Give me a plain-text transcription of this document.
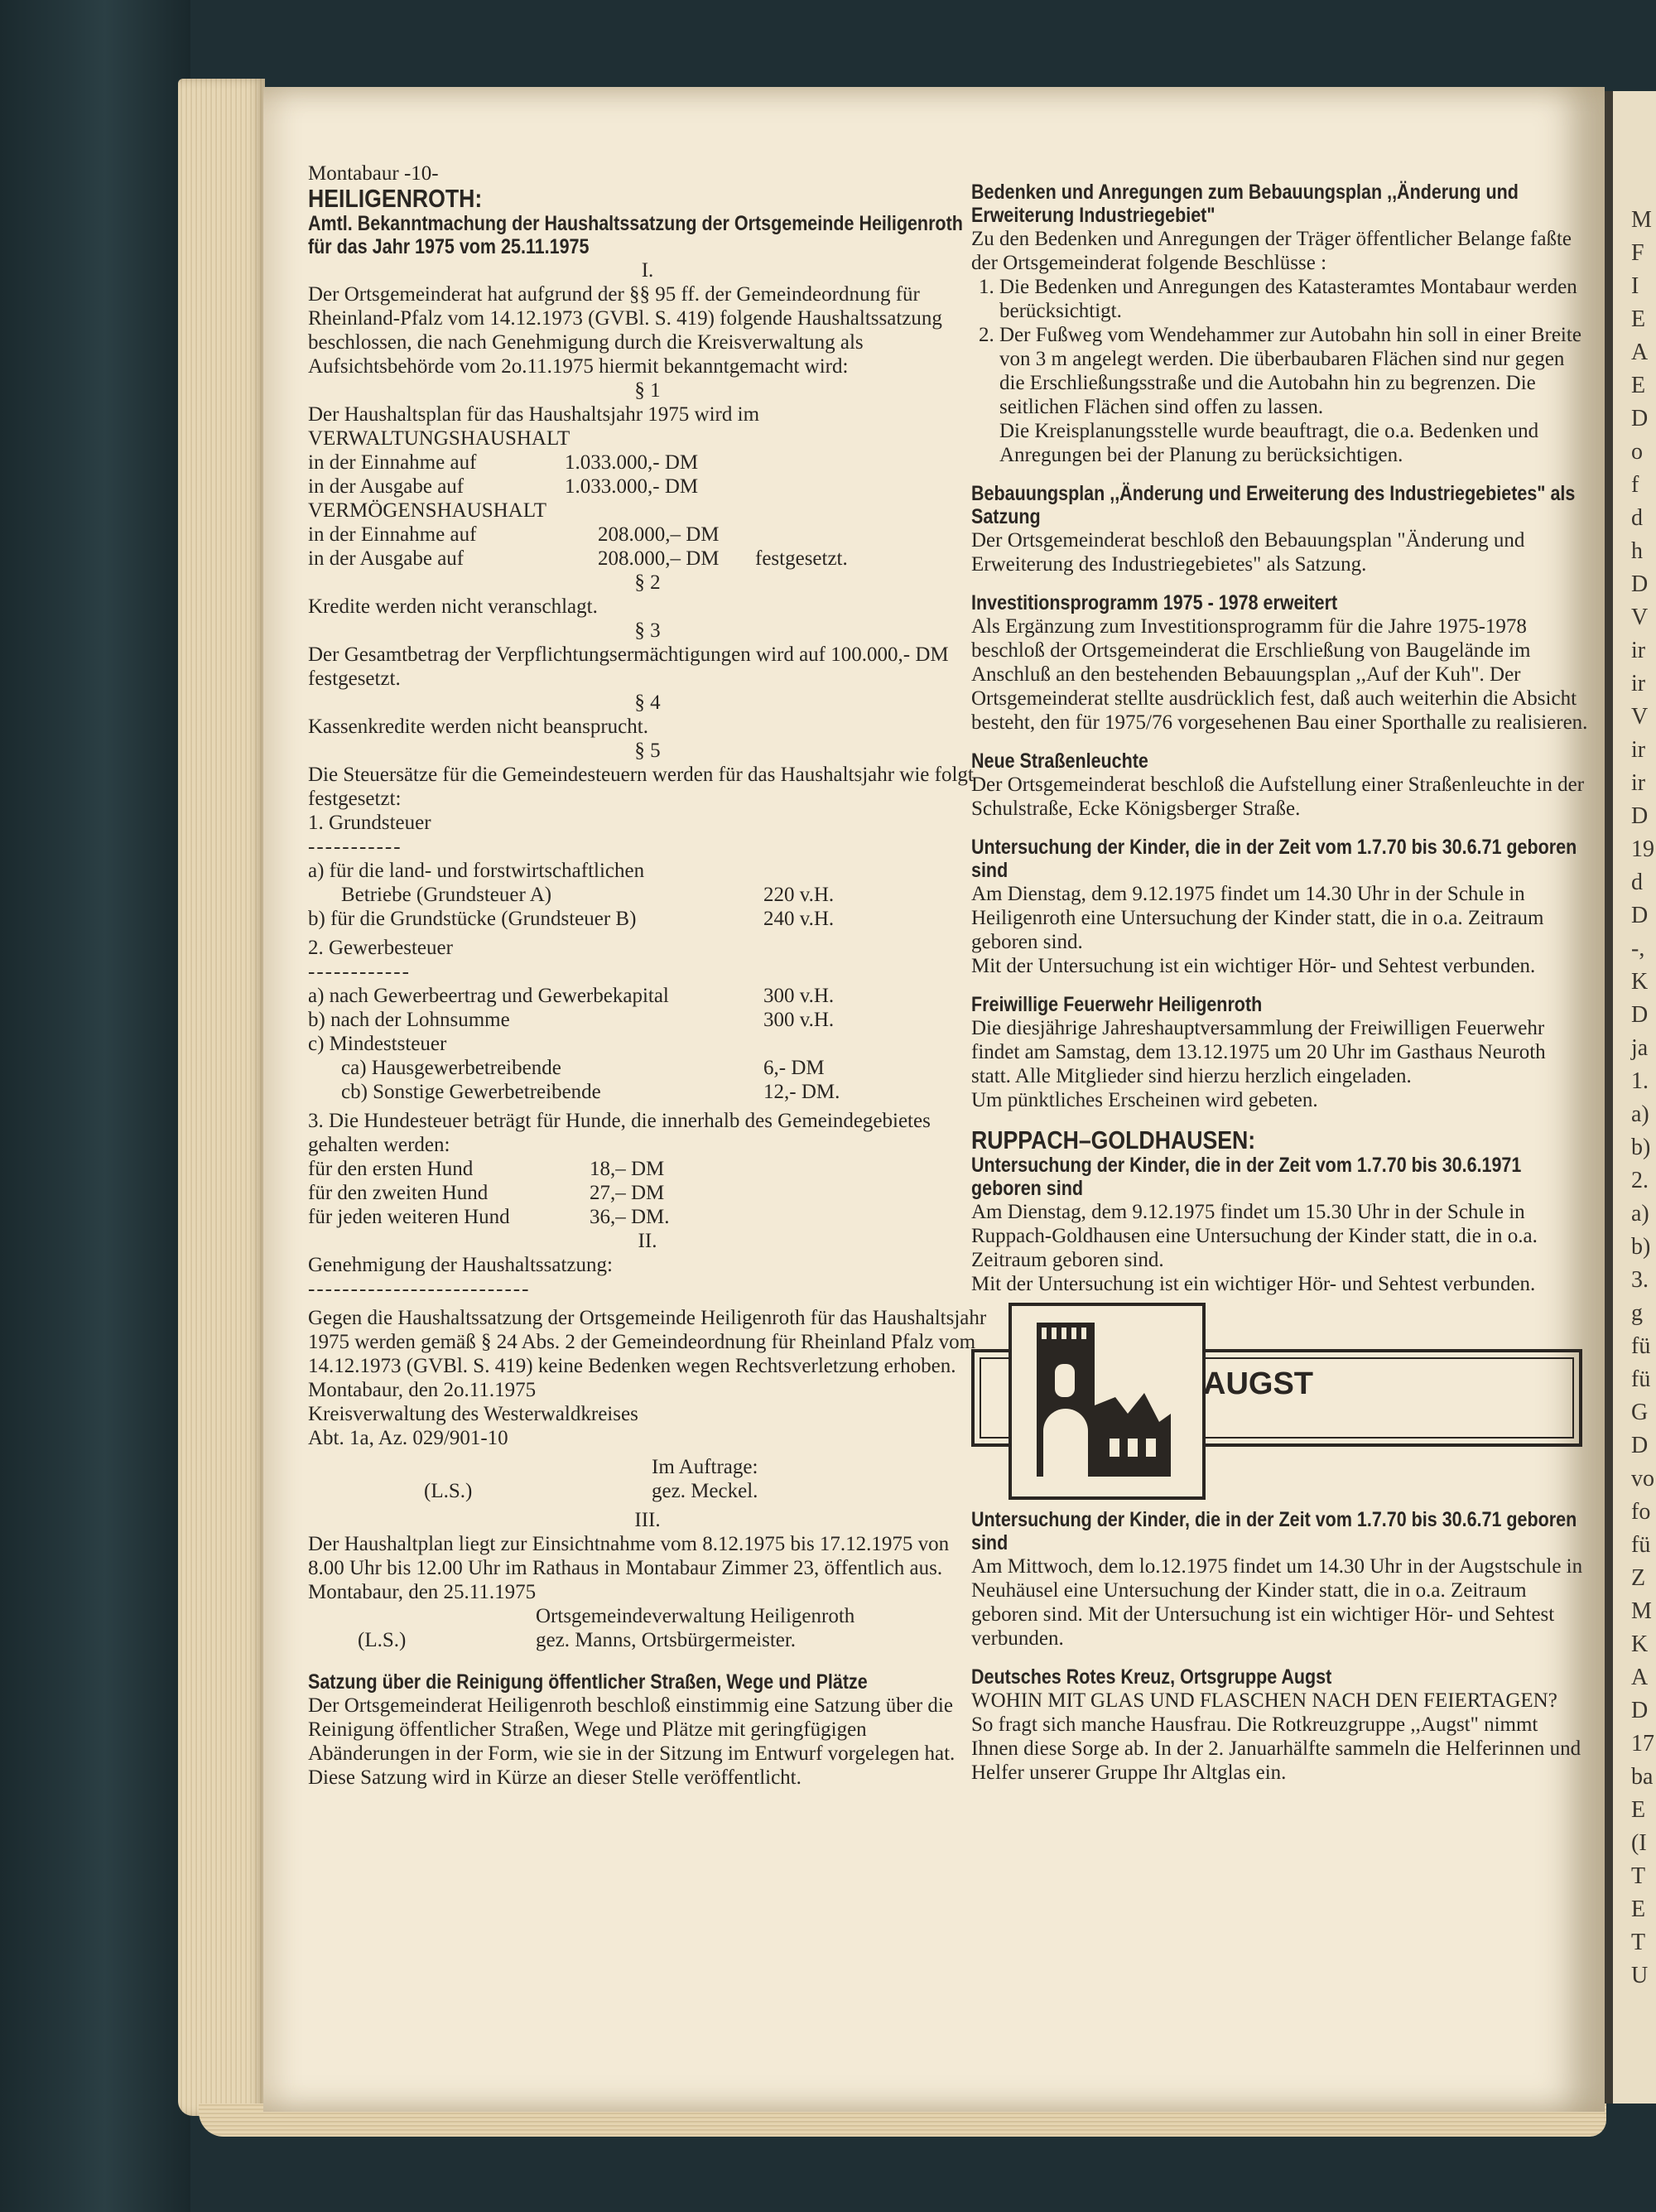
M
F
I
E
A
E
D
o
f
d
h
D
V
ir
ir
V
ir
ir
D
19
d
D
-,
K
D
ja
1.
a)
b)
2.
a)
b)
3.
g
fü
fü
G
D
vo
fo
fü
Z
M
K
A
D
17
ba
E
(I
T
E
T
U
Montabaur -10-
HEILIGENROTH:
Amtl. Bekanntmachung der Haushaltssatzung der Ortsgemeinde Heiligenroth für das Jahr 1975 vom 25.11.1975
I.
Der Ortsgemeinderat hat aufgrund der §§ 95 ff. der Gemeindeordnung für Rheinland-Pfalz vom 14.12.1973 (GVBl. S. 419) folgende Haushaltssatzung beschlossen, die nach Genehmigung durch die Kreisverwaltung als Aufsichtsbehörde vom 2o.11.1975 hiermit bekanntgemacht wird:
§ 1
Der Haushaltsplan für das Haushaltsjahr 1975 wird im
VERWALTUNGSHAUSHALT
in der Einnahme auf	1.033.000,- DM
in der Ausgabe auf	1.033.000,- DM
VERMÖGENSHAUSHALT
in der Einnahme auf	208.000,– DM
in der Ausgabe auf	208.000,– DM	festgesetzt.
§ 2
Kredite werden nicht veranschlagt.
§ 3
Der Gesamtbetrag der Verpflichtungsermächtigungen wird auf 100.000,- DM festgesetzt.
§ 4
Kassenkredite werden nicht beansprucht.
§ 5
Die Steuersätze für die Gemeindesteuern werden für das Haushaltsjahr wie folgt festgesetzt:
1. Grundsteuer
-----------
a) für die land- und forstwirtschaftlichen
Betriebe (Grundsteuer A)	220 v.H.
b) für die Grundstücke (Grundsteuer B)	240 v.H.
2. Gewerbesteuer
------------
a) nach Gewerbeertrag und Gewerbekapital	300 v.H.
b) nach der Lohnsumme	300 v.H.
c) Mindeststeuer
ca) Hausgewerbetreibende	6,- DM
cb) Sonstige Gewerbetreibende	12,- DM.
3. Die Hundesteuer beträgt für Hunde, die innerhalb des Gemeindegebietes gehalten werden:
für den ersten Hund	18,– DM
für den zweiten Hund	27,– DM
für jeden weiteren Hund	36,– DM.
II.
Genehmigung der Haushaltssatzung:
--------------------------
Gegen die Haushaltssatzung der Ortsgemeinde Heiligenroth für das Haushaltsjahr 1975 werden gemäß § 24 Abs. 2 der Gemeindeordnung für Rheinland Pfalz vom 14.12.1973 (GVBl. S. 419) keine Bedenken wegen Rechtsverletzung erhoben.
Montabaur, den 2o.11.1975
Kreisverwaltung des Westerwaldkreises
Abt. 1a, Az. 029/901-10
Im Auftrage:
(L.S.)	gez. Meckel.
III.
Der Haushaltplan liegt zur Einsichtnahme vom 8.12.1975 bis 17.12.1975 von 8.00 Uhr bis 12.00 Uhr im Rathaus in Montabaur Zimmer 23, öffentlich aus.
Montabaur, den 25.11.1975
Ortsgemeindeverwaltung Heiligenroth
(L.S.)	gez. Manns, Ortsbürgermeister.
Satzung über die Reinigung öffentlicher Straßen, Wege und Plätze
Der Ortsgemeinderat Heiligenroth beschloß einstimmig eine Satzung über die Reinigung öffentlicher Straßen, Wege und Plätze mit geringfügigen Abänderungen in der Form, wie sie in der Sitzung im Entwurf vorgelegen hat. Diese Satzung wird in Kürze an dieser Stelle veröffentlicht.
Bedenken und Anregungen zum Bebauungsplan ,,Änderung und Erweiterung Industriegebiet"
Zu den Bedenken und Anregungen der Träger öffentlicher Belange faßte der Ortsgemeinderat folgende Beschlüsse :
1. Die Bedenken und Anregungen des Katasteramtes Montabaur werden berücksichtigt.
2. Der Fußweg vom Wendehammer zur Autobahn hin soll in einer Breite von 3 m angelegt werden. Die überbaubaren Flächen sind nur gegen die Erschließungsstraße und die Autobahn hin zu begrenzen. Die seitlichen Flächen sind offen zu lassen.
Die Kreisplanungsstelle wurde beauftragt, die o.a. Bedenken und Anregungen bei der Planung zu berücksichtigen.
Bebauungsplan ,,Änderung und Erweiterung des Industriegebietes" als Satzung
Der Ortsgemeinderat beschloß den Bebauungsplan "Änderung und Erweiterung des Industriegebietes" als Satzung.
Investitionsprogramm 1975 - 1978 erweitert
Als Ergänzung zum Investitionsprogramm für die Jahre 1975-1978 beschloß der Ortsgemeinderat die Erschließung von Baugelände im Anschluß an den bestehenden Bebauungsplan ,,Auf der Kuh". Der Ortsgemeinderat stellte ausdrücklich fest, daß auch weiterhin die Absicht besteht, den für 1975/76 vorgesehenen Bau einer Sporthalle zu realisieren.
Neue Straßenleuchte
Der Ortsgemeinderat beschloß die Aufstellung einer Straßenleuchte in der Schulstraße, Ecke Königsberger Straße.
Untersuchung der Kinder, die in der Zeit vom 1.7.70 bis 30.6.71 geboren sind
Am Dienstag, dem 9.12.1975 findet um 14.30 Uhr in der Schule in Heiligenroth eine Untersuchung der Kinder statt, die in o.a. Zeitraum geboren sind.
Mit der Untersuchung ist ein wichtiger Hör- und Sehtest verbunden.
Freiwillige Feuerwehr Heiligenroth
Die diesjährige Jahreshauptversammlung der Freiwilligen Feuerwehr findet am Samstag, dem 13.12.1975 um 20 Uhr im Gasthaus Neuroth statt. Alle Mitglieder sind hierzu herzlich eingeladen.
Um pünktliches Erscheinen wird gebeten.
RUPPACH–GOLDHAUSEN:
Untersuchung der Kinder, die in der Zeit vom 1.7.70 bis 30.6.1971 geboren sind
Am Dienstag, dem 9.12.1975 findet um 15.30 Uhr in der Schule in Ruppach-Goldhausen eine Untersuchung der Kinder statt, die in o.a. Zeitraum geboren sind.
Mit der Untersuchung ist ein wichtiger Hör- und Sehtest verbunden.
AUGST
Untersuchung der Kinder, die in der Zeit vom 1.7.70 bis 30.6.71 geboren sind
Am Mittwoch, dem lo.12.1975 findet um 14.30 Uhr in der Augstschule in Neuhäusel eine Untersuchung der Kinder statt, die in o.a. Zeitraum geboren sind. Mit der Untersuchung ist ein wichtiger Hör- und Sehtest verbunden.
Deutsches Rotes Kreuz, Ortsgruppe Augst
WOHIN MIT GLAS UND FLASCHEN NACH DEN FEIERTAGEN?
So fragt sich manche Hausfrau. Die Rotkreuzgruppe ,,Augst" nimmt Ihnen diese Sorge ab. In der 2. Januarhälfte sammeln die Helferinnen und Helfer unserer Gruppe Ihr Altglas ein.
